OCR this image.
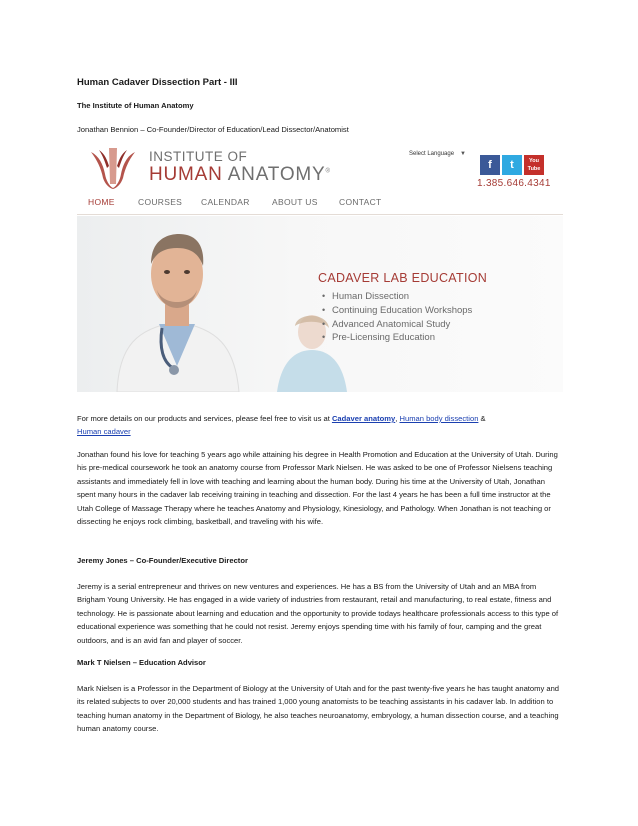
Human Cadaver Dissection Part - III

The Institute of Human Anatomy

Jonathan Bennion – Co-Founder/Director of Education/Lead Dissector/Anatomist

INSTITUTE OF
HUMAN ANATOMY®
Select Language ▼
f	t	You
Tube
1.385.646.4341
HOME	COURSES CALENDAR	ABOUT US	CONTACT
CADAVER LAB EDUCATION
• Human Dissection
• Continuing Education Workshops
• Advanced Anatomical Study
• Pre-Licensing Education

For more details on our products and services, please feel free to visit us at Cadaver anatomy, Human body dissection &
Human cadaver

Jonathan found his love for teaching 5 years ago while attaining his degree in Health Promotion and Education at the University of Utah. During his pre-medical coursework he took an anatomy course from Professor Mark Nielsen. He was asked to be one of Professor Nielsens teaching assistants and immediately fell in love with teaching and learning about the human body. During his time at the University of Utah, Jonathan spent many hours in the cadaver lab receiving training in teaching and dissection. For the last 4 years he has been a full time instructor at the Utah College of Massage Therapy where he teaches Anatomy and Physiology, Kinesiology, and Pathology. When Jonathan is not teaching or dissecting he enjoys rock climbing, basketball, and traveling with his wife.

Jeremy Jones – Co-Founder/Executive Director

Jeremy is a serial entrepreneur and thrives on new ventures and experiences. He has a BS from the University of Utah and an MBA from Brigham Young University. He has engaged in a wide variety of industries from restaurant, retail and manufacturing, to real estate, fitness and technology. He is passionate about learning and education and the opportunity to provide todays healthcare professionals access to this type of educational experience was something that he could not resist. Jeremy enjoys spending time with his family of four, camping and the great outdoors, and is an avid fan and player of soccer.

Mark T Nielsen – Education Advisor

Mark Nielsen is a Professor in the Department of Biology at the University of Utah and for the past twenty-five years he has taught anatomy and its related subjects to over 20,000 students and has trained 1,000 young anatomists to be teaching assistants in his cadaver lab. In addition to teaching human anatomy in the Department of Biology, he also teaches neuroanatomy, embryology, a human dissection course, and a teaching human anatomy course.
